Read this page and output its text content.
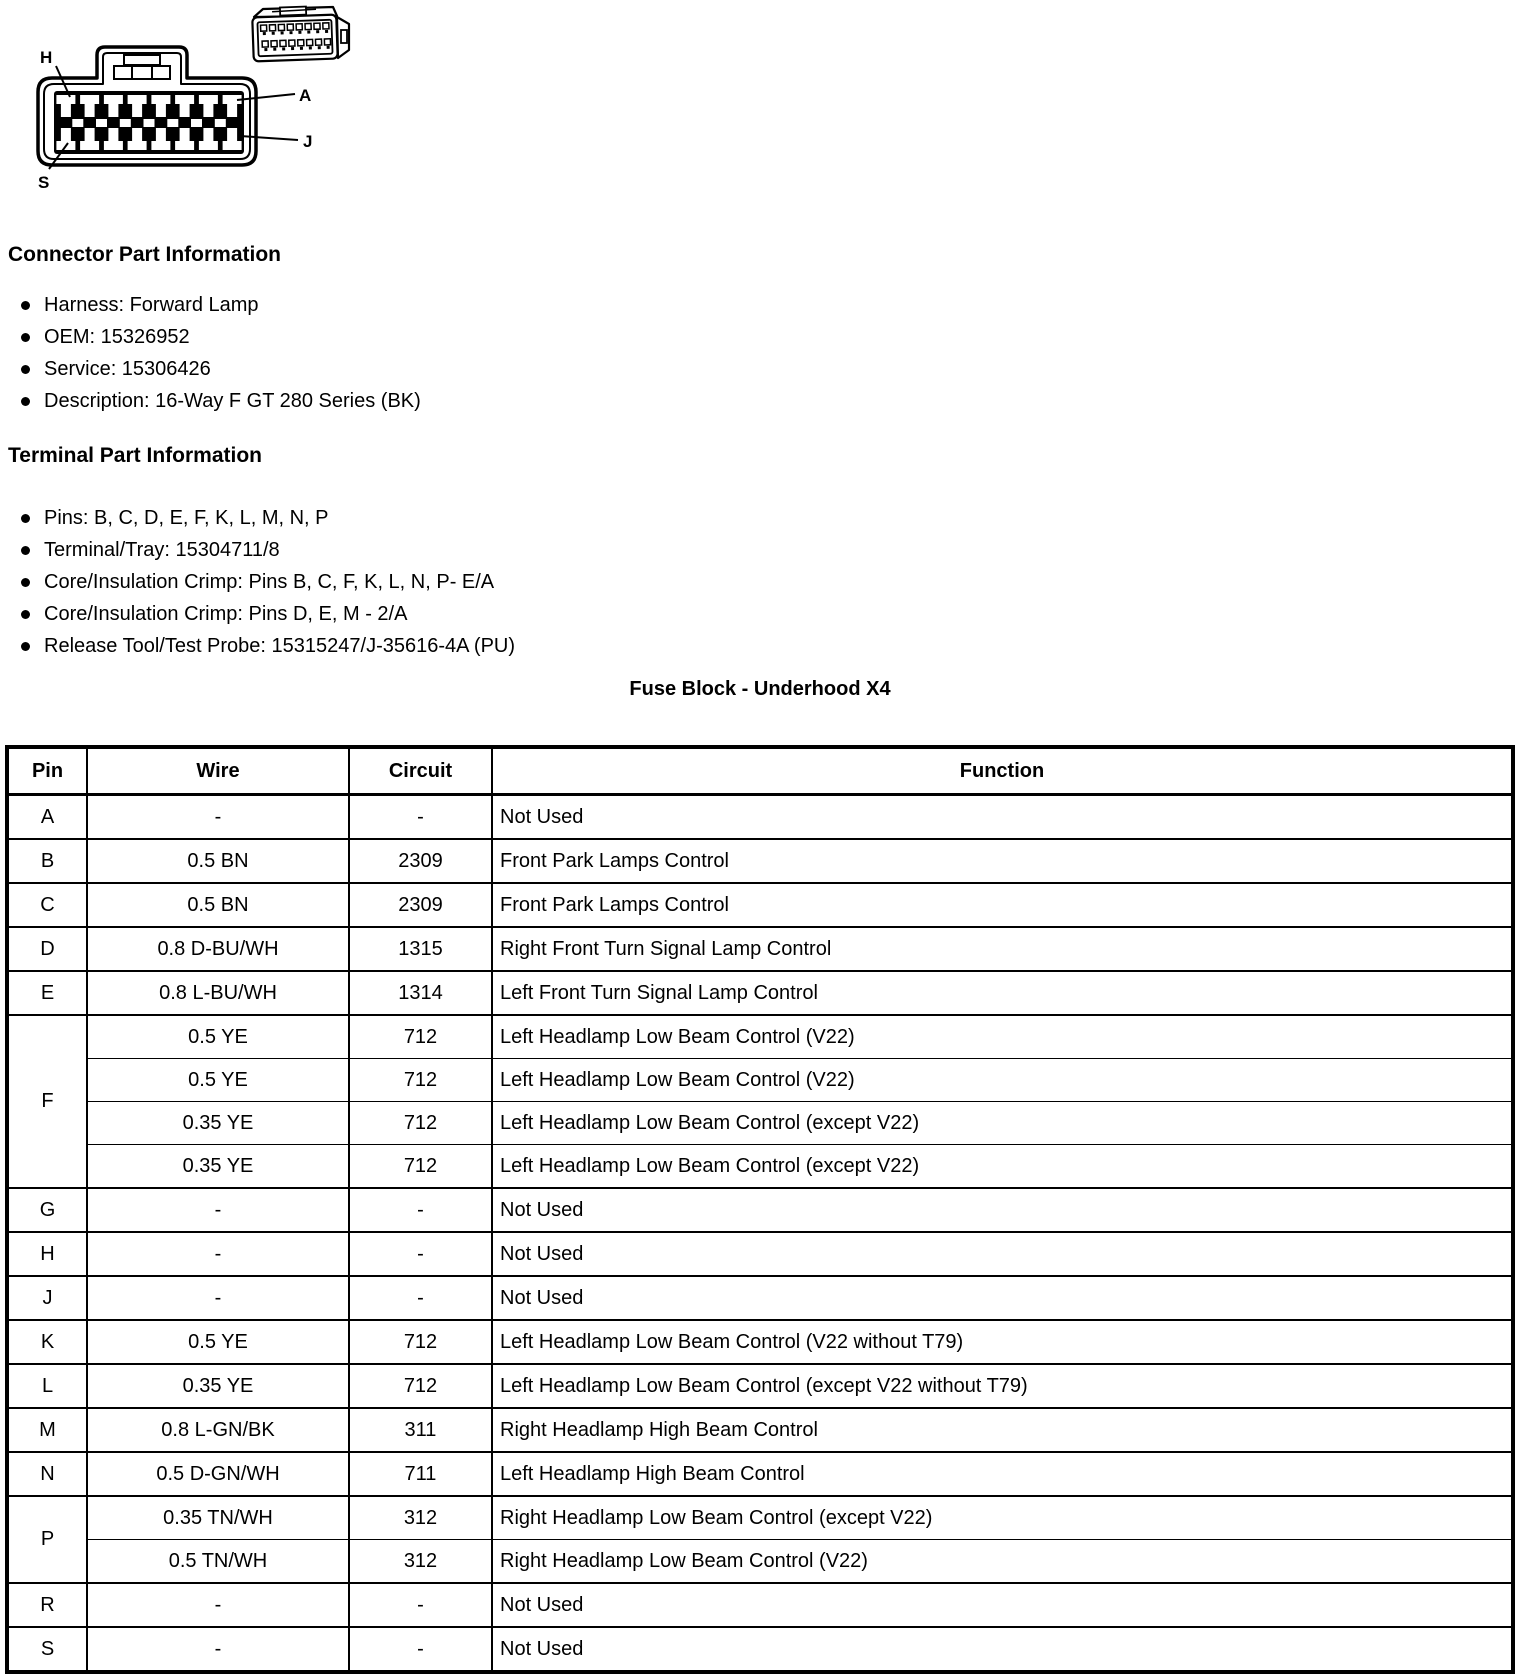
H
A
J
S
Connector Part Information
Harness: Forward Lamp
OEM: 15326952
Service: 15306426
Description: 16-Way F GT 280 Series (BK)
Terminal Part Information
Pins: B, C, D, E, F, K, L, M, N, P
Terminal/Tray: 15304711/8
Core/Insulation Crimp: Pins B, C, F, K, L, N, P- E/A
Core/Insulation Crimp: Pins D, E, M - 2/A
Release Tool/Test Probe: 15315247/J-35616-4A (PU)
Fuse Block - Underhood X4
Pin	Wire	Circuit	Function
A	-	-	Not Used
B	0.5 BN	2309	Front Park Lamps Control
C	0.5 BN	2309	Front Park Lamps Control
D	0.8 D-BU/WH	1315	Right Front Turn Signal Lamp Control
E	0.8 L-BU/WH	1314	Left Front Turn Signal Lamp Control
F	0.5 YE	712	Left Headlamp Low Beam Control (V22)
	0.5 YE	712	Left Headlamp Low Beam Control (V22)
	0.35 YE	712	Left Headlamp Low Beam Control (except V22)
	0.35 YE	712	Left Headlamp Low Beam Control (except V22)
G	-	-	Not Used
H	-	-	Not Used
J	-	-	Not Used
K	0.5 YE	712	Left Headlamp Low Beam Control (V22 without T79)
L	0.35 YE	712	Left Headlamp Low Beam Control (except V22 without T79)
M	0.8 L-GN/BK	311	Right Headlamp High Beam Control
N	0.5 D-GN/WH	711	Left Headlamp High Beam Control
P	0.35 TN/WH	312	Right Headlamp Low Beam Control (except V22)
	0.5 TN/WH	312	Right Headlamp Low Beam Control (V22)
R	-	-	Not Used
S	-	-	Not Used
